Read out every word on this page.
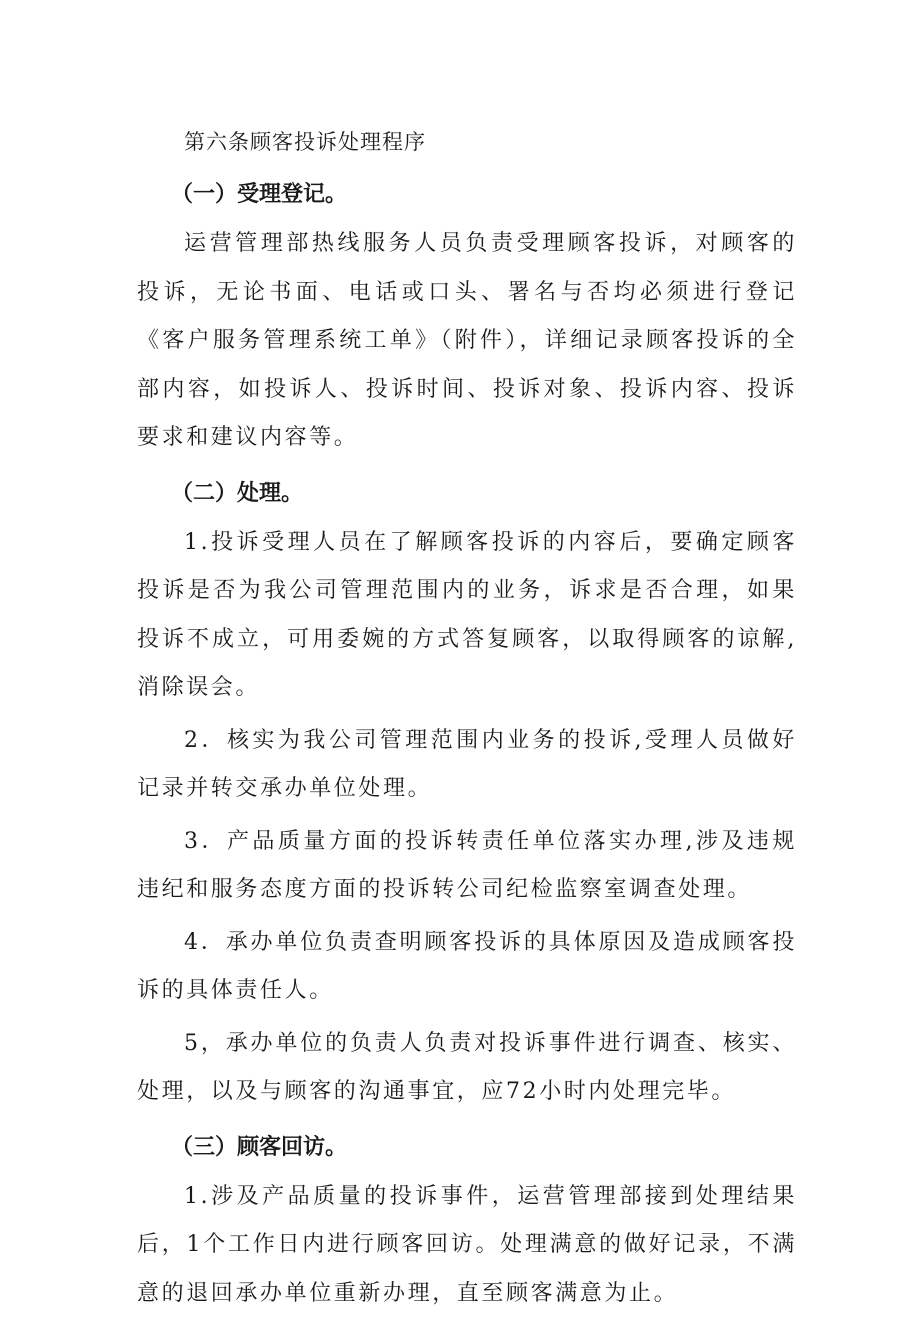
第六条顾客投诉处理程序
（一）受理登记。

运营管理部热线服务人员负责受理顾客投诉，对顾客的投诉，无论书面、电话或口头、署名与否均必须进行登记《客户服务管理系统工单》（附件），详细记录顾客投诉的全部内容，如投诉人、投诉时间、投诉对象、投诉内容、投诉要求和建议内容等。

（二）处理。

1.投诉受理人员在了解顾客投诉的内容后，要确定顾客投诉是否为我公司管理范围内的业务，诉求是否合理，如果投诉不成立，可用委婉的方式答复顾客，以取得顾客的谅解,消除误会。

2．核实为我公司管理范围内业务的投诉,受理人员做好记录并转交承办单位处理。

3．产品质量方面的投诉转责任单位落实办理,涉及违规违纪和服务态度方面的投诉转公司纪检监察室调查处理。

4．承办单位负责查明顾客投诉的具体原因及造成顾客投诉的具体责任人。

5，承办单位的负责人负责对投诉事件进行调查、核实、处理，以及与顾客的沟通事宜，应72小时内处理完毕。

（三）顾客回访。

1.涉及产品质量的投诉事件，运营管理部接到处理结果后，1个工作日内进行顾客回访。处理满意的做好记录，不满意的退回承办单位重新办理，直至顾客满意为止。
